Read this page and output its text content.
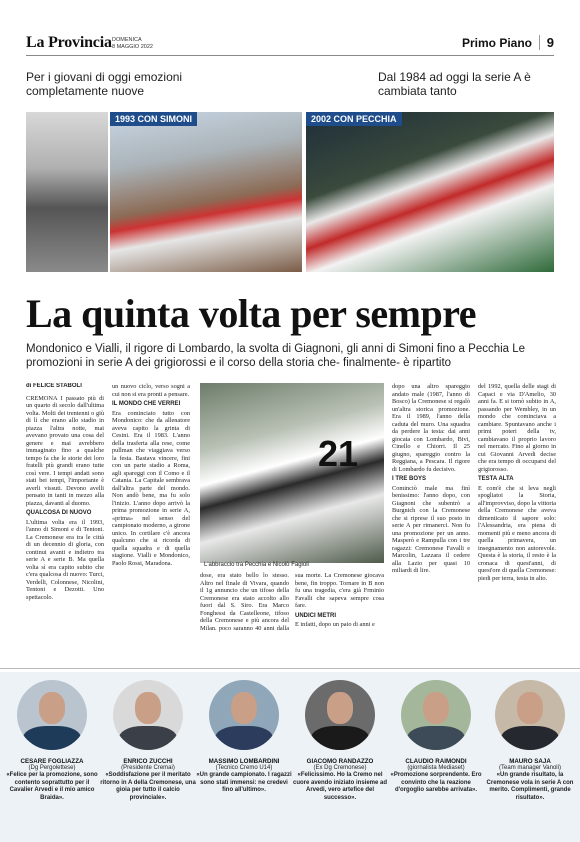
La Provincia DOMENICA
8 MAGGIO 2022	Primo Piano	9
Per i giovani di oggi emozioni completamente nuove
Dal 1984 ad oggi la serie A è cambiata tanto
1993 CON SIMONI	2002 CON PECCHIA
La quinta volta per sempre
Mondonico e Vialli, il rigore di Lombardo, la svolta di Giagnoni, gli anni di Simoni fino a Pecchia Le promozioni in serie A dei grigiorossi e il corso della storia che- finalmente- è ripartito
di FELICE STABOLI

CREMONA I passato più di un quarto di secolo dall'ultima volta. Molti dei trentenni o giù di lì che erano allo stadio in piazza l'altra notte, mai avevano provato una cosa del genere e mai avrebbero immaginato fino a qualche tempo fa che le storie dei loro fratelli più grandi erano tutte così vere. I tempi andati sono stati bei tempi, l'importante è averli vissuti. Devono avelli pensato in tanti in mezzo alla piazza, davanti al duomo.

QUALCOSA DI NUOVO

L'ultima volta era il 1993, l'anno di Simoni e di Tentoni. La Cremonese era tra le città di un decennio di gloria, con continui avanti e indietro tra serie A e serie B. Ma quella volta sì era capito subito che c'era qualcosa di nuovo: Turci, Verdelli, Colonnese, Nicolini, Tentoni e Dezotti. Uno spettacolo.

un nuovo ciclo, verso sogni a cui non si era pronti a pensare.

IL MONDO CHE VERREI

Era cominciato tutto con Mondonico: che da allenatore aveva capito la grinta di Cesini. Era il 1983. L'anno della trasferta alla rese, come pullman che viaggiava verso la festa. Bastava vincere, fini con un parte stadio a Roma, agli spareggi con il Como e il Catania. La Capitale sembrava dall'altra parte del mondo. Non andò bene, ma fu solo l'inizio. L'anno dopo arrivò la prima promozione in serie A, «prima» nel senso del campionato moderno, a girone unico. In cortilare c'è ancora qualcuno che si ricorda di quella squadra e di quella stagione. Vialli e Mondonico, Paolo Rossi, Maradona.

21
L'abbraccio tra Pecchia e Nicolò Fagioli

dose, era stato bello lo stesso. Altro nel finale di Vivara, quando il 1g annuncio che un tifoso della Cremonese era stato accolto allo fuori dal S. Siro. Era Marco Fonghessi da Castelleone, tifoso della Cremonese e più ancora del Milan. poco saranno 40 anni dalla sua morte. La Cremonese giocava bene, fin troppo. Tornare in B non fu una tragedia, c'era già Frminio Favalli che sapeva sempre cosa fare.

UNDICI METRI

E infatti, dopo un paio di anni e

dopo una altro spareggio andato male (1987, l'anno di Bosco) la Cremonese si regalò un'altra storica promozione. Era il 1989, l'anno della caduta del muro. Una squadra da perdere la testa: dai anni giocata con Lombardo, Bivi, Cinello e Chiorri. Il 25 giugno, spareggio contro la Reggiana, a Pescara. Il rigore di Lombardo fu decisivo.

I TRE BOYS

Cominciò male ma finì benissimo: l'anno dopo, con Giagnoni che subentrò a Burgnich con la Cremonese che si riprese il suo posto in serie A per rimanerci. Non fu una promozione per un anno. Masperò e Rampulla con i tre ragazzi: Cremonese Favalli e Marcolin, Lazzara il cedere alla Lazio per quasi 10 miliardi di lire.

del 1992, quella delle stagi di Capaci e via D'Amelio, 30 anni fa. E si tornò subito in A, passando per Wembley, in un mondo che cominciava a cambiare. Spuntavano anche i primi poteri della tv, cambiavano il proprio lavoro nel mercato. Fino al giorno in cui Giovanni Arvedi decise che era tempo di occuparsi del grigiorosso.

TESTA ALTA

E com'è che si leva negli spogliatoi la Storia, all'improvviso, dopo la vittoria della Cremonese che aveva dimenticato il sapore solo: l'Alessandria, era piena di momenti più e meno ancora di quella primavera, un insegnamento non autorevole. Questa è la storia, il resto è la cronaca di quest'anni, di quest'ore di quella Cremonese: piedi per terra, testa in alto.

CESARE FOGLIAZZA
(Dg Pergolettese)
«Felice per la promozione, sono contento soprattutto per il Cavalier Arvedi e il mio amico Braida».
ENRICO ZUCCHI
(Presidente Cremai)
«Soddisfazione per il meritato ritorno in A della Cremonese, una gioia per tutto il calcio provinciale».
MASSIMO LOMBARDINI
(Tecnico Cremo U14)
«Un grande campionato. I ragazzi sono stati immensi: ne credevi fino all'ultimo».
GIACOMO RANDAZZO
(Ex Dg Cremonese)
«Felicissimo. Ho la Cremo nel cuore avendo iniziato insieme ad Arvedi, vero artefice del successo».
CLAUDIO RAIMONDI
(giornalista Mediaset)
«Promozione sorprendente. Ero convinto che la reazione d'orgoglio sarebbe arrivata».
MAURO SAJA
(Team manager Vanoli)
«Un grande risultato, la Cremonese vola in serie A con merito. Complimenti, grande risultato».
